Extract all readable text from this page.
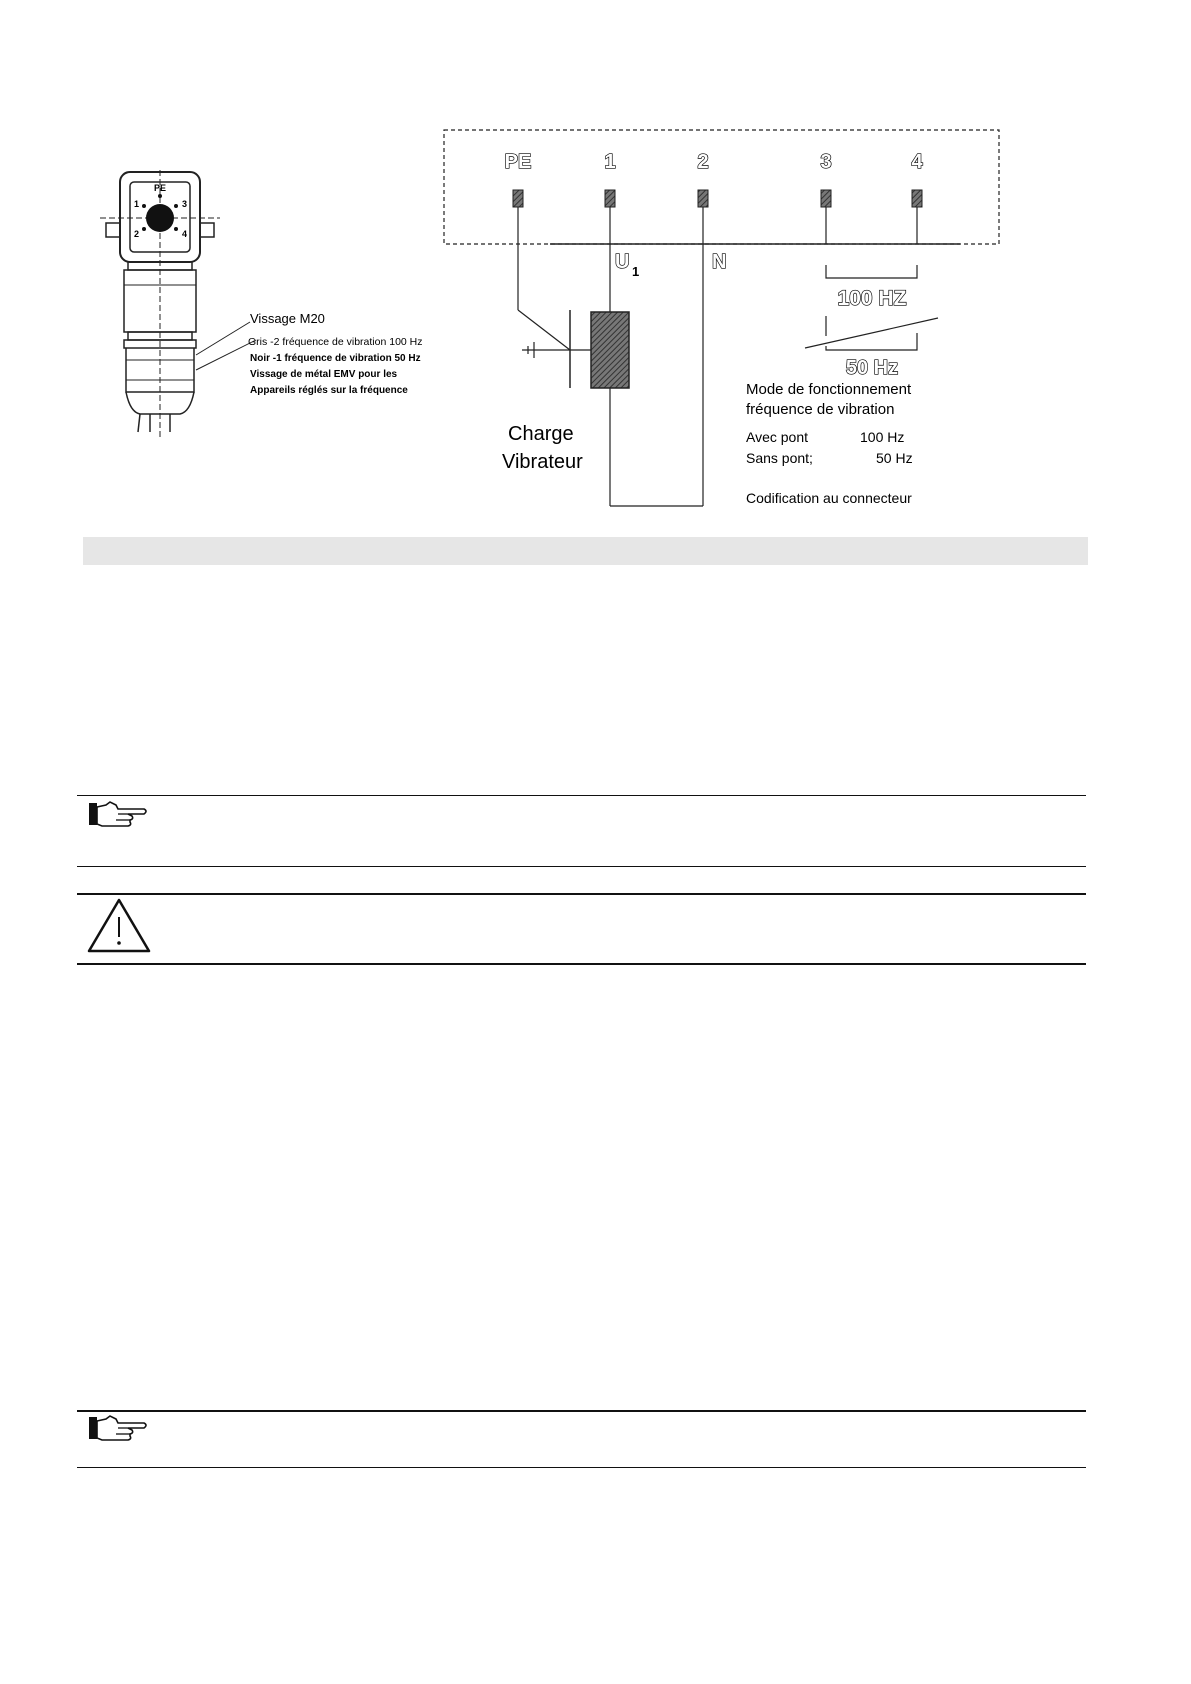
PE
1	3
2	4
Vissage M20
Gris -2 fréquence de vibration 100 Hz
Noir -1 fréquence de vibration 50 Hz
Vissage de métal EMV pour les
Appareils réglés sur la fréquence
PE	1	2	3	4
U 1	N
100 HZ
50 Hz
Charge
Vibrateur
Mode de fonctionnement
fréquence de vibration
Avec pont	100 Hz
Sans pont;	50 Hz
Codification au connecteur
